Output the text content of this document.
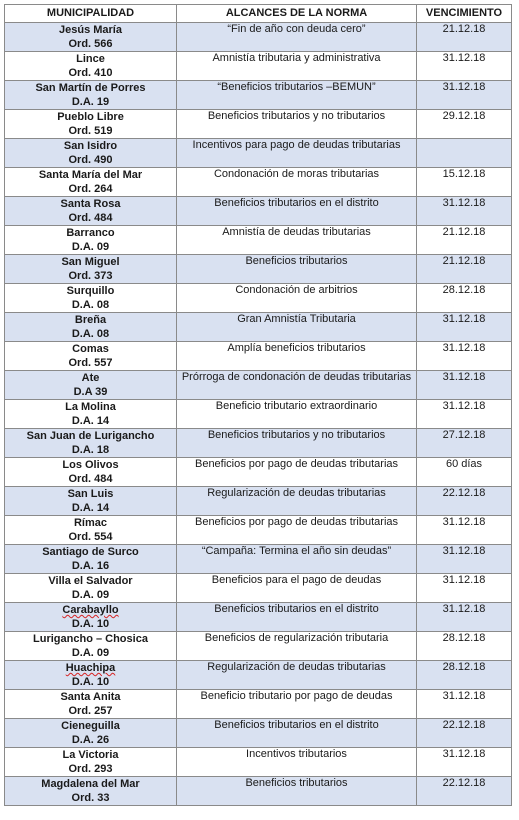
MUNICIPALIDAD	ALCANCES DE LA NORMA	VENCIMIENTO

Jesús María
Ord. 566	“Fin de año con deuda cero”	21.12.18

Lince
Ord. 410	Amnistía tributaria y administrativa	31.12.18

San Martín de Porres
D.A. 19	“Beneficios tributarios –BEMUN”	31.12.18

Pueblo Libre
Ord. 519	Beneficios tributarios y no tributarios	29.12.18

San Isidro
Ord. 490	Incentivos para pago de deudas tributarias	

Santa María del Mar
Ord. 264	Condonación de moras tributarias	15.12.18

Santa Rosa
Ord. 484	Beneficios tributarios en el distrito	31.12.18

Barranco
D.A. 09	Amnistía de deudas tributarias	21.12.18

San Miguel
Ord. 373	Beneficios tributarios	21.12.18

Surquillo
D.A. 08	Condonación de arbitrios	28.12.18

Breña
D.A. 08	Gran Amnistía Tributaria	31.12.18

Comas
Ord. 557	Amplía beneficios tributarios	31.12.18

Ate
D.A 39	Prórroga de condonación de deudas tributarias	31.12.18

La Molina
D.A. 14	Beneficio tributario extraordinario	31.12.18

San Juan de Lurigancho
D.A. 18	Beneficios tributarios y no tributarios	27.12.18

Los Olivos
Ord. 484	Beneficios por pago de deudas tributarias	60 días

San Luis
D.A. 14	Regularización de deudas tributarias	22.12.18

Rímac
Ord. 554	Beneficios por pago de deudas tributarias	31.12.18

Santiago de Surco
D.A. 16	“Campaña: Termina el año sin deudas”	31.12.18

Villa el Salvador
D.A. 09	Beneficios para el pago de deudas	31.12.18

Carabayllo
D.A. 10	Beneficios tributarios en el distrito	31.12.18

Lurigancho – Chosica
D.A. 09	Beneficios de regularización tributaria	28.12.18

Huachipa
D.A. 10	Regularización de deudas tributarias	28.12.18

Santa Anita
Ord. 257	Beneficio tributario por pago de deudas	31.12.18

Cieneguilla
D.A. 26	Beneficios tributarios en el distrito	22.12.18

La Victoria
Ord. 293	Incentivos tributarios	31.12.18

Magdalena del Mar
Ord. 33	Beneficios tributarios	22.12.18
